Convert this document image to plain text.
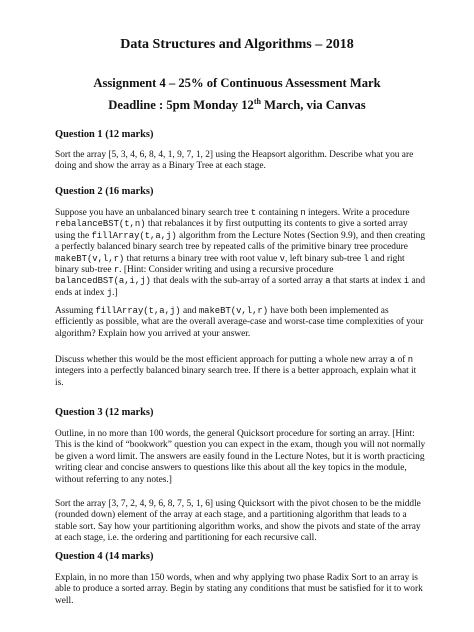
Data Structures and Algorithms – 2018
Assignment 4 – 25% of Continuous Assessment Mark
Deadline : 5pm Monday 12th March, via Canvas
Question 1 (12 marks)
Sort the array [5, 3, 4, 6, 8, 4, 1, 9, 7, 1, 2] using the Heapsort algorithm. Describe what you are doing and show the array as a Binary Tree at each stage.
Question 2 (16 marks)
Suppose you have an unbalanced binary search tree t containing n integers. Write a procedure rebalanceBST(t,n) that rebalances it by first outputting its contents to give a sorted array using the fillArray(t,a,j) algorithm from the Lecture Notes (Section 9.9), and then creating a perfectly balanced binary search tree by repeated calls of the primitive binary tree procedure makeBT(v,l,r) that returns a binary tree with root value v, left binary sub-tree l and right binary sub-tree r. [Hint: Consider writing and using a recursive procedure balancedBST(a,i,j) that deals with the sub-array of a sorted array a that starts at index i and ends at index j.]
Assuming fillArray(t,a,j) and makeBT(v,l,r) have both been implemented as efficiently as possible, what are the overall average-case and worst-case time complexities of your algorithm? Explain how you arrived at your answer.
Discuss whether this would be the most efficient approach for putting a whole new array a of n integers into a perfectly balanced binary search tree. If there is a better approach, explain what it is.
Question 3 (12 marks)
Outline, in no more than 100 words, the general Quicksort procedure for sorting an array. [Hint: This is the kind of “bookwork” question you can expect in the exam, though you will not normally be given a word limit. The answers are easily found in the Lecture Notes, but it is worth practicing writing clear and concise answers to questions like this about all the key topics in the module, without referring to any notes.]
Sort the array [3, 7, 2, 4, 9, 6, 8, 7, 5, 1, 6] using Quicksort with the pivot chosen to be the middle (rounded down) element of the array at each stage, and a partitioning algorithm that leads to a stable sort. Say how your partitioning algorithm works, and show the pivots and state of the array at each stage, i.e. the ordering and partitioning for each recursive call.
Question 4 (14 marks)
Explain, in no more than 150 words, when and why applying two phase Radix Sort to an array is able to produce a sorted array. Begin by stating any conditions that must be satisfied for it to work well.
